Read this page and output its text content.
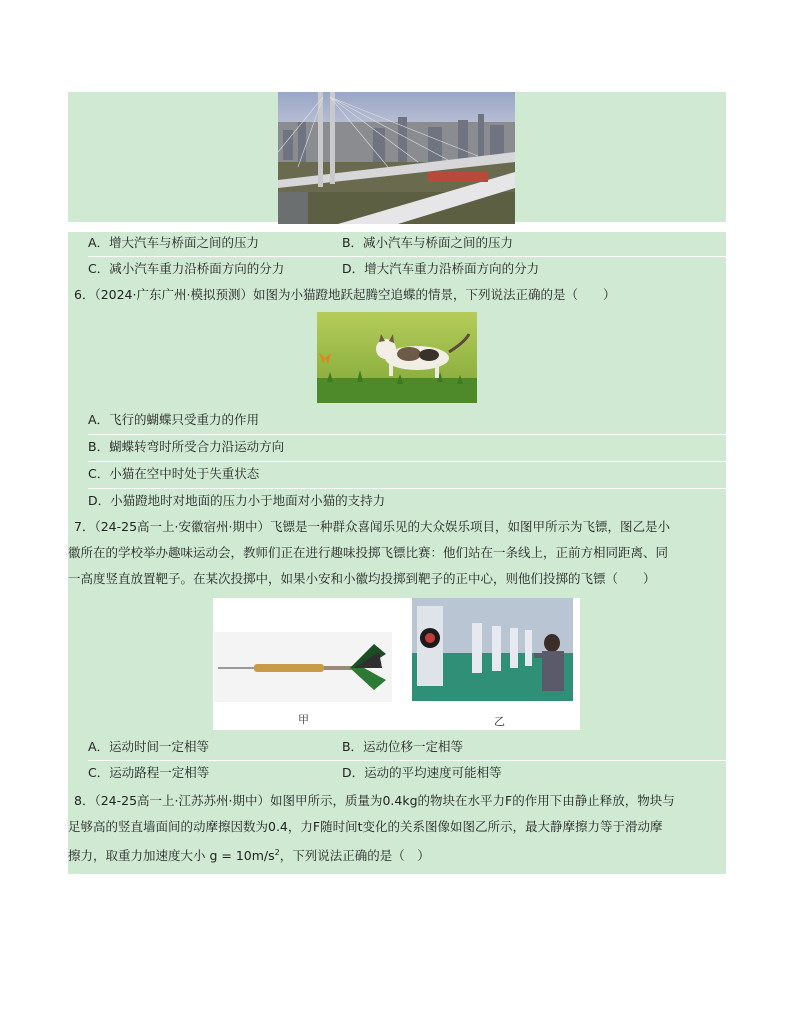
A．增大汽车与桥面之间的压力	B．减小汽车与桥面之间的压力
C．减小汽车重力沿桥面方向的分力	D．增大汽车重力沿桥面方向的分力
6．（2024·广东广州·模拟预测）如图为小猫蹬地跃起腾空追蝶的情景，下列说法正确的是（　　）
A．飞行的蝴蝶只受重力的作用
B．蝴蝶转弯时所受合力沿运动方向
C．小猫在空中时处于失重状态
D．小猫蹬地时对地面的压力小于地面对小猫的支持力
7．（24-25高一上·安徽宿州·期中）飞镖是一种群众喜闻乐见的大众娱乐项目，如图甲所示为飞镖，图乙是小
徽所在的学校举办趣味运动会，教师们正在进行趣味投掷飞镖比赛：他们站在一条线上，正前方相同距离、同
一高度竖直放置靶子。在某次投掷中，如果小安和小徽均投掷到靶子的正中心，则他们投掷的飞镖（　　）
甲	乙
A．运动时间一定相等	B．运动位移一定相等
C．运动路程一定相等	D．运动的平均速度可能相等
8．（24-25高一上·江苏苏州·期中）如图甲所示，质量为0.4kg的物块在水平力F的作用下由静止释放，物块与
足够高的竖直墙面间的动摩擦因数为0.4，力F随时间t变化的关系图像如图乙所示，最大静摩擦力等于滑动摩
擦力，取重力加速度大小 $g = 10m/s^2$，下列说法正确的是（　）
